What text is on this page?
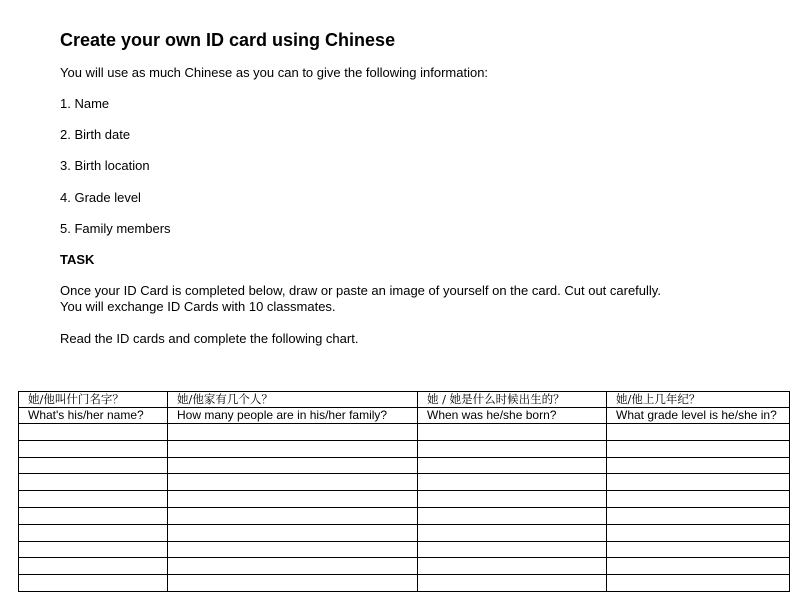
Create your own ID card using Chinese

You will use as much Chinese as you can to give the following information:

1. Name
2. Birth date
3. Birth location
4. Grade level
5. Family members

TASK

Once your ID Card is completed below, draw or paste an image of yourself on the card. Cut out carefully.
You will exchange ID Cards with 10 classmates.

Read the ID cards and complete the following chart.

她/他叫什门名字？	她/他家有几个人？	她 / 她是什么时候出生的？	她/他上几年纪？
What's his/her name?	How many people are in his/her family?	When was he/she born?	What grade level is he/she in?
